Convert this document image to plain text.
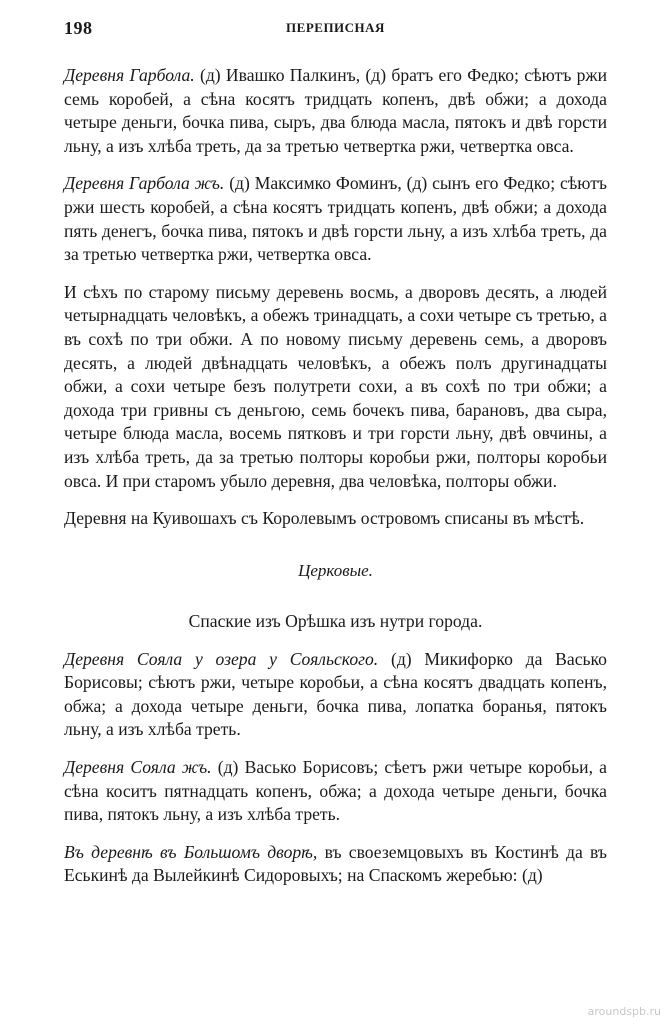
198	ПЕРЕПИСНАЯ

Деревня Гарбола. (д) Ивашко Палкинъ, (д) братъ его Федко; сѣютъ ржи семь коробей, а сѣна косятъ тридцать копенъ, двѣ обжи; а дохода четыре деньги, бочка пива, сыръ, два блюда масла, пятокъ и двѣ горсти льну, а изъ хлѣба треть, да за третью четвертка ржи, четвертка овса.

Деревня Гарбола жъ. (д) Максимко Фоминъ, (д) сынъ его Федко; сѣютъ ржи шесть коробей, а сѣна косятъ тридцать копенъ, двѣ обжи; а дохода пять денегъ, бочка пива, пятокъ и двѣ горсти льну, а изъ хлѣба треть, да за третью четвертка ржи, четвертка овса.

И сѣхъ по старому письму деревень восмь, а дворовъ десять, а людей четырнадцать человѣкъ, а обежъ тринадцать, а сохи четыре съ третью, а въ сохѣ по три обжи. А по новому письму деревень семь, а дворовъ десять, а людей двѣнадцать человѣкъ, а обежъ полъ другинадцаты обжи, а сохи четыре безъ полутрети сохи, а въ сохѣ по три обжи; а дохода три гривны съ деньгою, семь бочекъ пива, барановъ, два сыра, четыре блюда масла, восемь пятковъ и три горсти льну, двѣ овчины, а изъ хлѣба треть, да за третью полторы коробьи ржи, полторы коробьи овса. И при старомъ убыло деревня, два человѣка, полторы обжи.

Деревня на Куивошахъ съ Королевымъ островомъ списаны въ мѣстѣ.

Церковые.
Спаские изъ Орѣшка изъ нутри города.

Деревня Сояла у озера у Сояльского. (д) Микифорко да Васько Борисовы; сѣютъ ржи, четыре коробьи, а сѣна косятъ двадцать копенъ, обжа; а дохода четыре деньги, бочка пива, лопатка боранья, пятокъ льну, а изъ хлѣба треть.

Деревня Сояла жъ. (д) Васько Борисовъ; сѣетъ ржи четыре коробьи, а сѣна коситъ пятнадцать копенъ, обжа; а дохода четыре деньги, бочка пива, пятокъ льну, а изъ хлѣба треть.

Въ деревнѣ въ Большомъ дворѣ, въ своеземцовыхъ въ Костинѣ да въ Еськинѣ да Вылейкинѣ Сидоровыхъ; на Спаскомъ жеребью: (д)

aroundspb.ru
